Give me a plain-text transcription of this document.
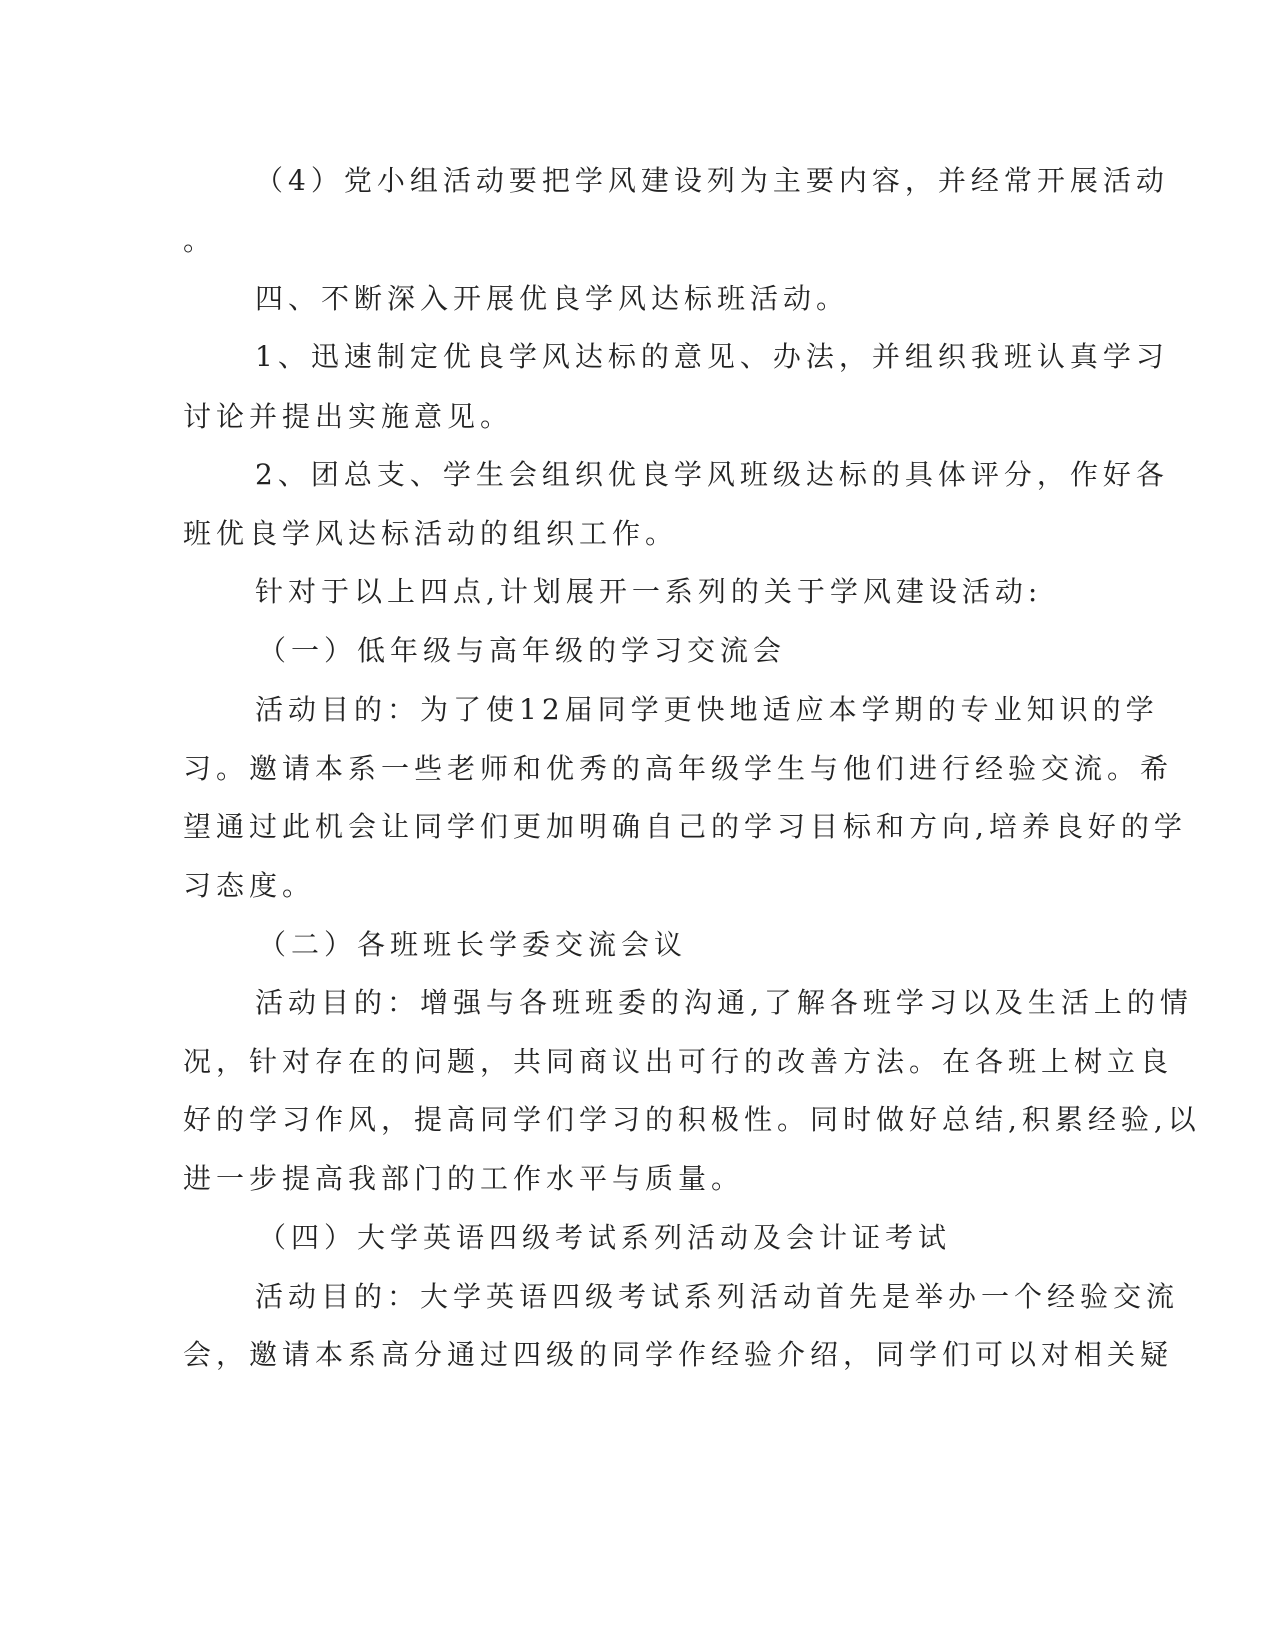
（4）党小组活动要把学风建设列为主要内容，并经常开展活动
。
四、不断深入开展优良学风达标班活动。
1、迅速制定优良学风达标的意见、办法，并组织我班认真学习
讨论并提出实施意见。
2、团总支、学生会组织优良学风班级达标的具体评分，作好各
班优良学风达标活动的组织工作。
针对于以上四点,计划展开一系列的关于学风建设活动:
（一）低年级与高年级的学习交流会
活动目的：为了使12届同学更快地适应本学期的专业知识的学
习。邀请本系一些老师和优秀的高年级学生与他们进行经验交流。希
望通过此机会让同学们更加明确自己的学习目标和方向,培养良好的学
习态度。
（二）各班班长学委交流会议
活动目的：增强与各班班委的沟通,了解各班学习以及生活上的情
况，针对存在的问题，共同商议出可行的改善方法。在各班上树立良
好的学习作风，提高同学们学习的积极性。同时做好总结,积累经验,以
进一步提高我部门的工作水平与质量。
（四）大学英语四级考试系列活动及会计证考试
活动目的：大学英语四级考试系列活动首先是举办一个经验交流
会，邀请本系高分通过四级的同学作经验介绍，同学们可以对相关疑
